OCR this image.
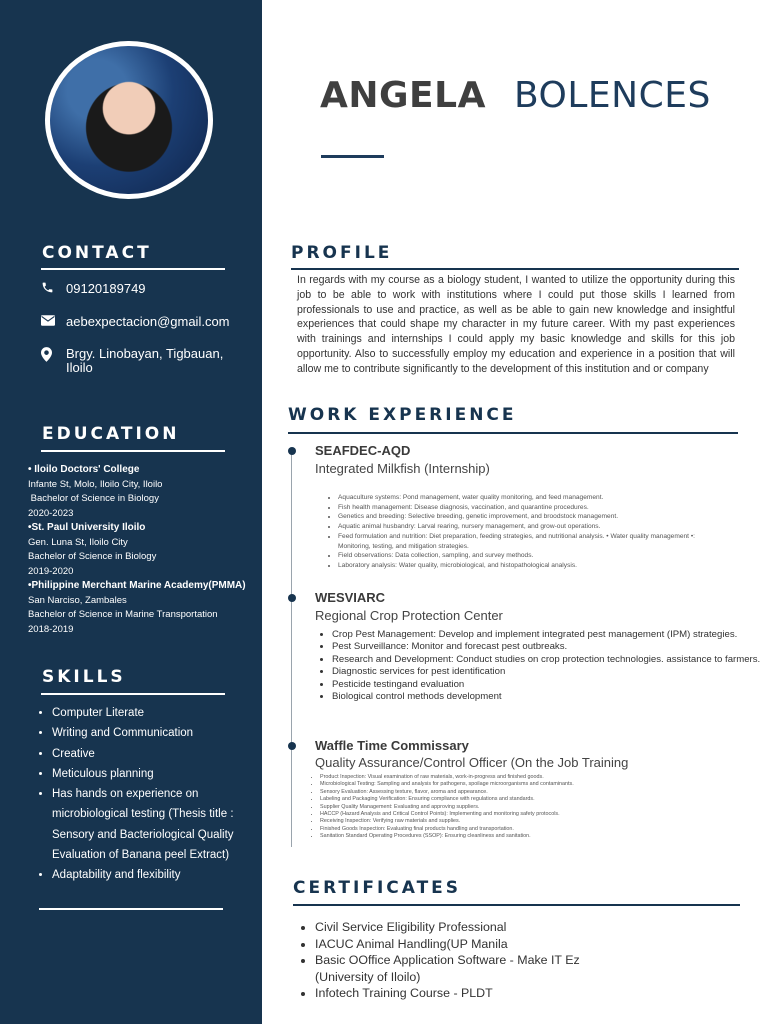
CONTACT
09120189749
aebexpectacion@gmail.com
Brgy. Linobayan, Tigbauan, Iloilo
EDUCATION
• Iloilo Doctors' College
Infante St, Molo, Iloilo City, Iloilo
Bachelor of Science in Biology
2020-2023
•St. Paul University Iloilo
Gen. Luna St, Iloilo City
Bachelor of Science in Biology
2019-2020
•Philippine Merchant Marine Academy(PMMA)
San Narciso, Zambales
Bachelor of Science in Marine Transportation
2018-2019
SKILLS
• Computer Literate
• Writing and Communication
• Creative
• Meticulous planning
• Has hands on experience on microbiological testing (Thesis title : Sensory and Bacteriological Quality Evaluation of Banana peel Extract)
• Adaptability and flexibility
ANGELA BOLENCES
PROFILE
In regards with my course as a biology student, I wanted to utilize the opportunity during this job to be able to work with institutions where I could put those skills I learned from professionals to use and practice, as well as be able to gain new knowledge and insightful experiences that could shape my character in my future career. With my past experiences with trainings and internships I could apply my basic knowledge and skills for this job opportunity. Also to successfully employ my education and experience in a position that will allow me to contribute significantly to the development of this institution and or company
WORK EXPERIENCE
SEAFDEC-AQD
Integrated Milkfish (Internship)
• Aquaculture systems: Pond management, water quality monitoring, and feed management.
• Fish health management: Disease diagnosis, vaccination, and quarantine procedures.
• Genetics and breeding: Selective breeding, genetic improvement, and broodstock management.
• Aquatic animal husbandry: Larval rearing, nursery management, and grow-out operations.
• Feed formulation and nutrition: Diet preparation, feeding strategies, and nutritional analysis. • Water quality management •: Monitoring, testing, and mitigation strategies.
• Field observations: Data collection, sampling, and survey methods.
• Laboratory analysis: Water quality, microbiological, and histopathological analysis.
WESVIARC
Regional Crop Protection Center
• Crop Pest Management: Develop and implement integrated pest management (IPM) strategies.
• Pest Surveillance: Monitor and forecast pest outbreaks.
• Research and Development: Conduct studies on crop protection technologies. assistance to farmers.
• Diagnostic services for pest identification
• Pesticide testingand evaluation
• Biological control methods development
Waffle Time Commissary
Quality Assurance/Control Officer (On the Job Training
• Product Inspection: Visual examination of raw materials, work-in-progress and finished goods.
• Microbiological Testing: Sampling and analysis for pathogens, spoilage microorganisms and contaminants.
• Sensory Evaluation: Assessing texture, flavor, aroma and appearance.
• Labeling and Packaging Verification: Ensuring compliance with regulations and standards.
• Supplier Quality Management: Evaluating and approving suppliers.
• HACCP (Hazard Analysis and Critical Control Points): Implementing and monitoring safety protocols.
• Receiving Inspection: Verifying raw materials and supplies.
• Finished Goods Inspection: Evaluating final products handling and transportation.
• Sanitation Standard Operating Procedures (SSOP): Ensuring cleanliness and sanitation.
CERTIFICATES
• Civil Service Eligibility Professional
• IACUC Animal Handling(UP Manila
• Basic OOffice Application Software - Make IT Ez (University of Iloilo)
• Infotech Training Course - PLDT
